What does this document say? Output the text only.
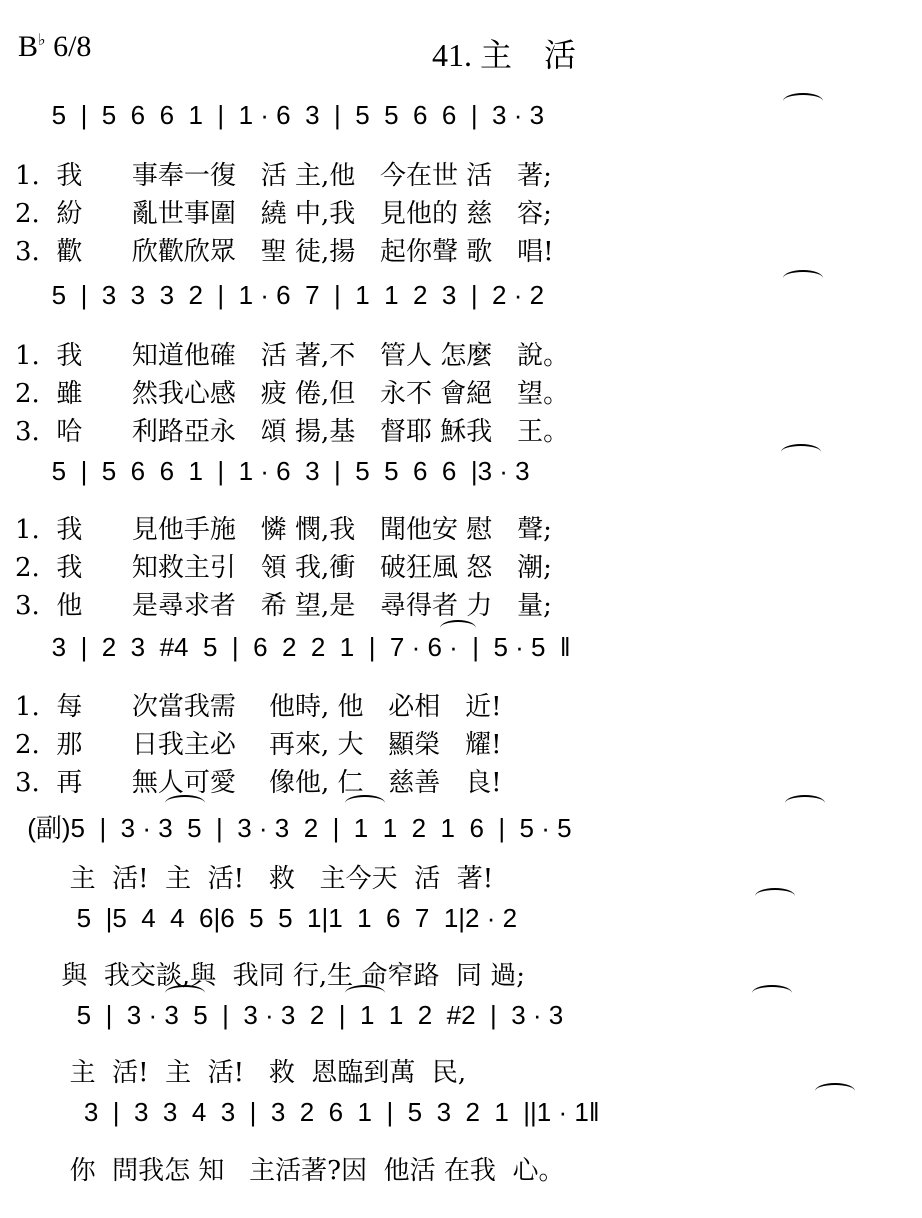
B♭ 6/8	41. 主　活
5  |  5  6  6  1  |  1 · 6  3  |  5  5  6  6  |  3 · 3
1.  我      事奉一復   活 主,他   今在世 活   著;
2.  紛      亂世事圍   繞 中,我   見他的 慈   容;
3.  歡      欣歡欣眾   聖 徒,揚   起你聲 歌   唱!
5  |  3  3  3  2  |  1 · 6  7  |  1  1  2  3  |  2 · 2
1.  我      知道他確   活 著,不   管人 怎麼   說。
2.  雖      然我心感   疲 倦,但   永不 會絕   望。
3.  哈      利路亞永   頌 揚,基   督耶 穌我   王。
5  |  5  6  6  1  |  1 · 6  3  |  5  5  6  6  |3 · 3
1.  我      見他手施   憐 憫,我   聞他安 慰   聲;
2.  我      知救主引   領 我,衝   破狂風 怒   潮;
3.  他      是尋求者   希 望,是   尋得者 力   量;
3  |  2  3  #4  5  |  6  2  2  1  |  7 · 6 ·  |  5 · 5  ‖
1.  每      次當我需    他時, 他   必相   近!
2.  那      日我主必    再來, 大   顯榮   耀!
3.  再      無人可愛    像他, 仁   慈善   良!
(副)5  |  3 · 3  5  |  3 · 3  2  |  1  1  2  1  6  |  5 · 5
主  活!  主  活!   救   主今天  活  著!
5  |5  4  4  6|6  5  5  1|1  1  6  7  1|2 · 2
與  我交談,與  我同 行,生 命窄路  同 過;
5  |  3 · 3  5  |  3 · 3  2  |  1  1  2  #2  |  3 · 3
主  活!  主  活!   救  恩臨到萬  民,
3  |  3  3  4  3  |  3  2  6  1  |  5  3  2  1  ||1 · 1‖
你  問我怎 知   主活著?因  他活 在我  心。
